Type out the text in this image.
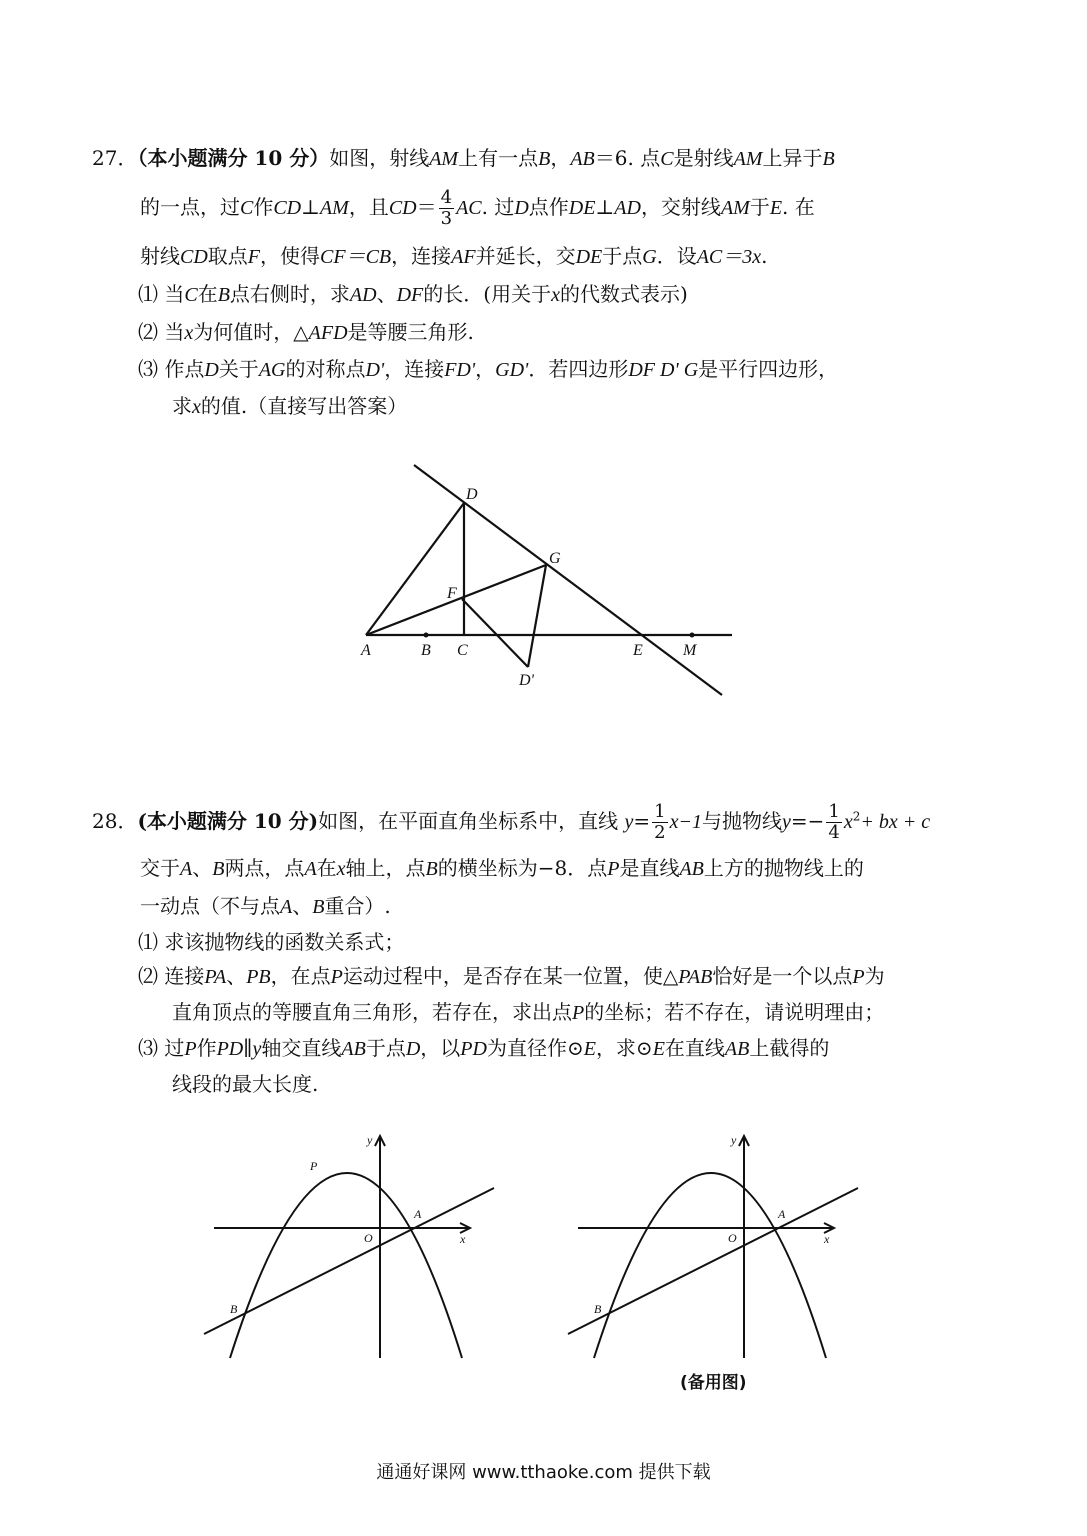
27．（本小题满分 10 分）如图，射线AM上有一点B，AB＝6. 点C是射线AM上异于B
的一点，过C作CD⊥AM，且$CD= \frac{4}{3}$ AC. 过D点作DE⊥AD，交射线AM于E. 在
射线CD取点F，使得CF＝CB，连接AF并延长，交DE于点G．设AC＝3x.
⑴ 当C在B点右侧时，求AD、DF的长．(用关于x的代数式表示)
⑵ 当x为何值时，△AFD是等腰三角形.
⑶ 作点D关于AG的对称点D'，连接FD'，GD'．若四边形DF D' G是平行四边形，
求x的值.（直接写出答案）
A	B C
D
E
F
G
M
D'
28．(本小题满分 10 分)如图，在平面直角坐标系中，直线 $y= \frac{1}{2} x-1$与抛物线$y=- \frac{1}{4} x^2+$ bx + c
交于A、B两点，点A在x轴上，点B的横坐标为−8．点P是直线AB上方的抛物线上的
一动点（不与点A、B重合）.
⑴ 求该抛物线的函数关系式；
⑵ 连接PA、PB，在点P运动过程中，是否存在某一位置，使△PAB恰好是一个以点P为
直角顶点的等腰直角三角形，若存在，求出点P的坐标；若不存在，请说明理由；
⑶ 过P作PD∥y轴交直线AB于点D，以PD为直径作⊙E，求⊙E在直线AB上截得的
线段的最大长度.
y
x
O
A
B
P
y
x
O
A
B
(备用图)
通通好课网 www.tthaoke.com 提供下载
